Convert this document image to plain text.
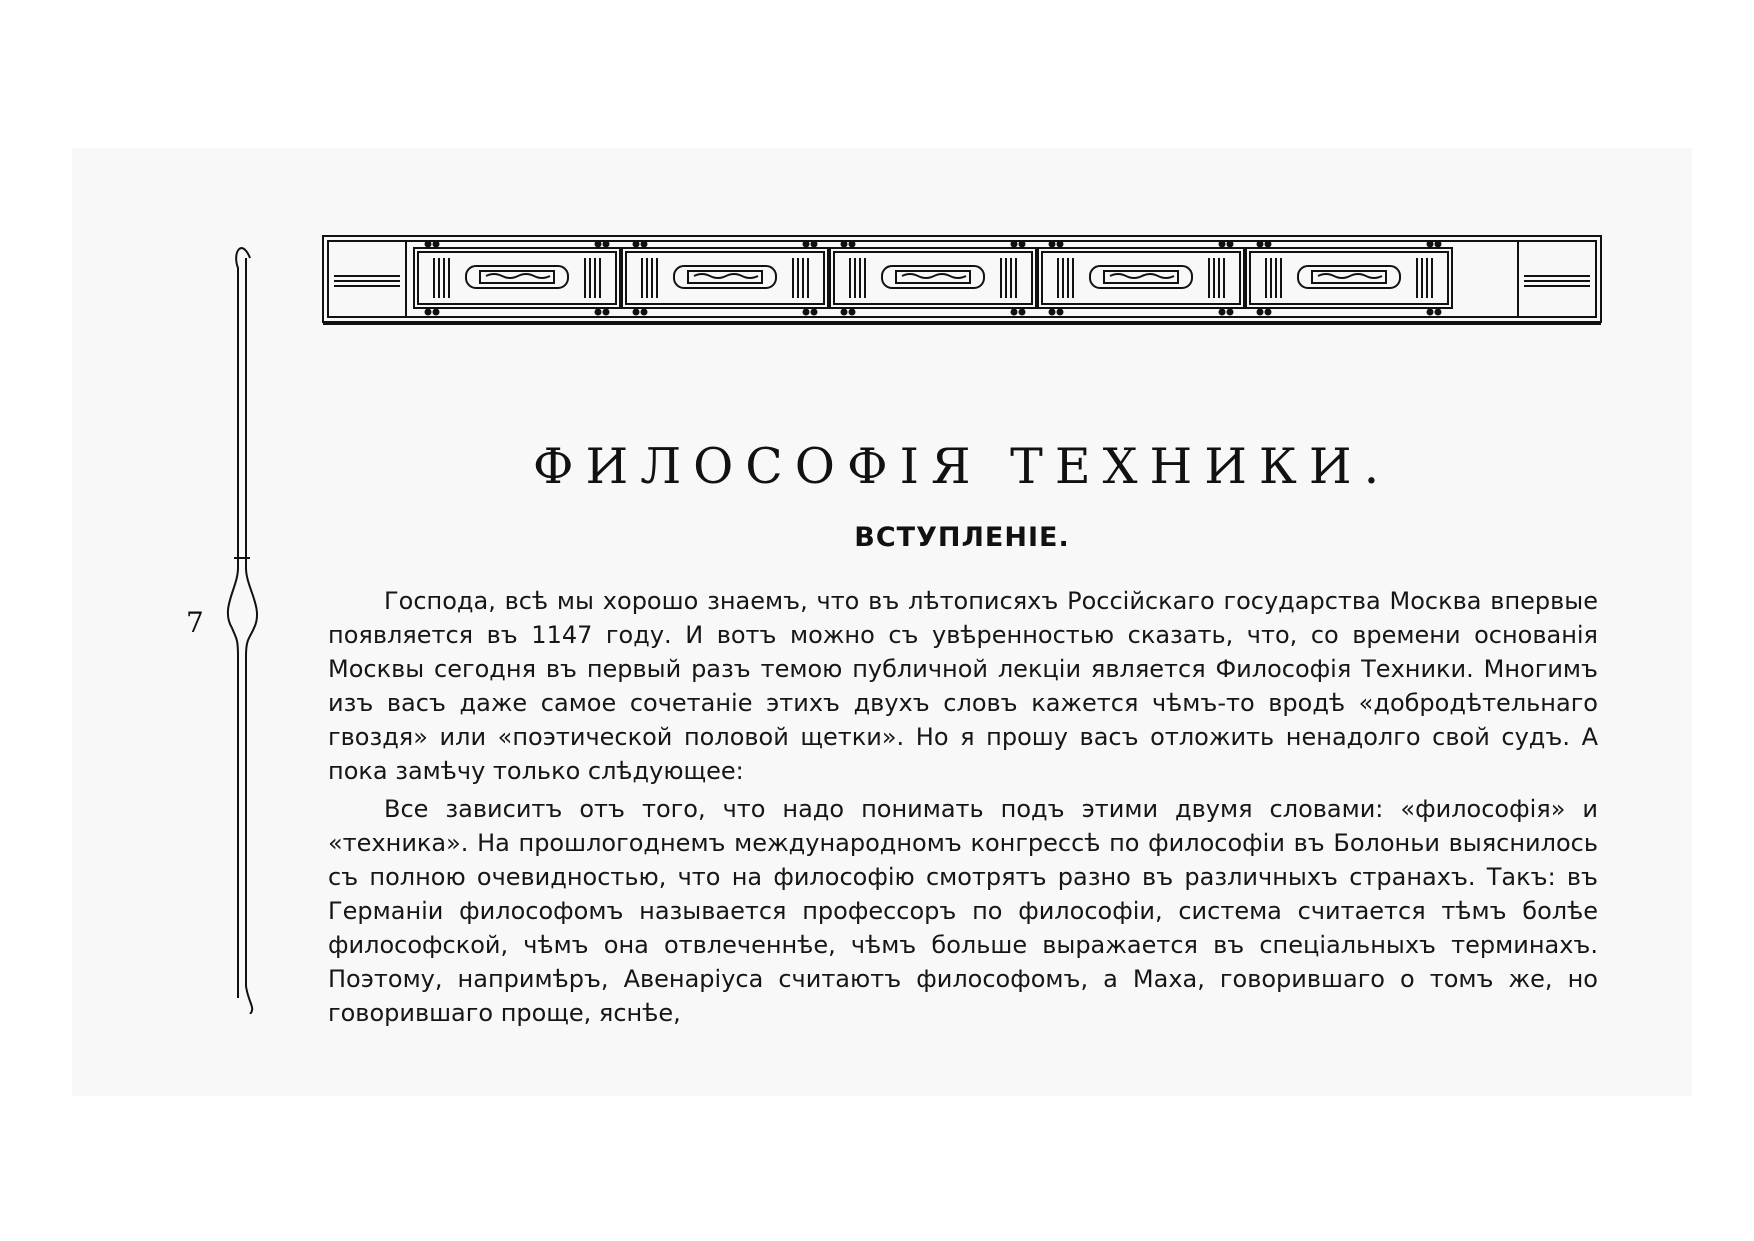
7
ФИЛОСОФІЯ ТЕХНИКИ.
ВСТУПЛЕНІЕ.

Господа, всѣ мы хорошо знаемъ, что въ лѣтописяхъ Россійскаго государства Москва впервые появляется въ 1147 году. И вотъ можно съ увѣренностью сказать, что, со времени основанія Москвы сегодня въ первый разъ темою публичной лекціи является Философія Техники. Многимъ изъ васъ даже самое сочетаніе этихъ двухъ словъ кажется чѣмъ-то вродѣ «добродѣтельнаго гвоздя» или «поэтической половой щетки». Но я прошу васъ отложить ненадолго свой судъ. А пока замѣчу только слѣдующее:

Все зависитъ отъ того, что надо понимать подъ этими двумя словами: «философія» и «техника». На прошлогоднемъ международномъ конгрессѣ по философіи въ Болоньи выяснилось съ полною очевидностью, что на философію смотрятъ разно въ различныхъ странахъ. Такъ: въ Германіи философомъ называется профессоръ по философіи, система считается тѣмъ болѣе философской, чѣмъ она отвлеченнѣе, чѣмъ больше выражается въ спеціальныхъ терминахъ. Поэтому, напримѣръ, Авенаріуса считаютъ философомъ, а Маха, говорившаго о томъ же, но говорившаго проще, яснѣе,
